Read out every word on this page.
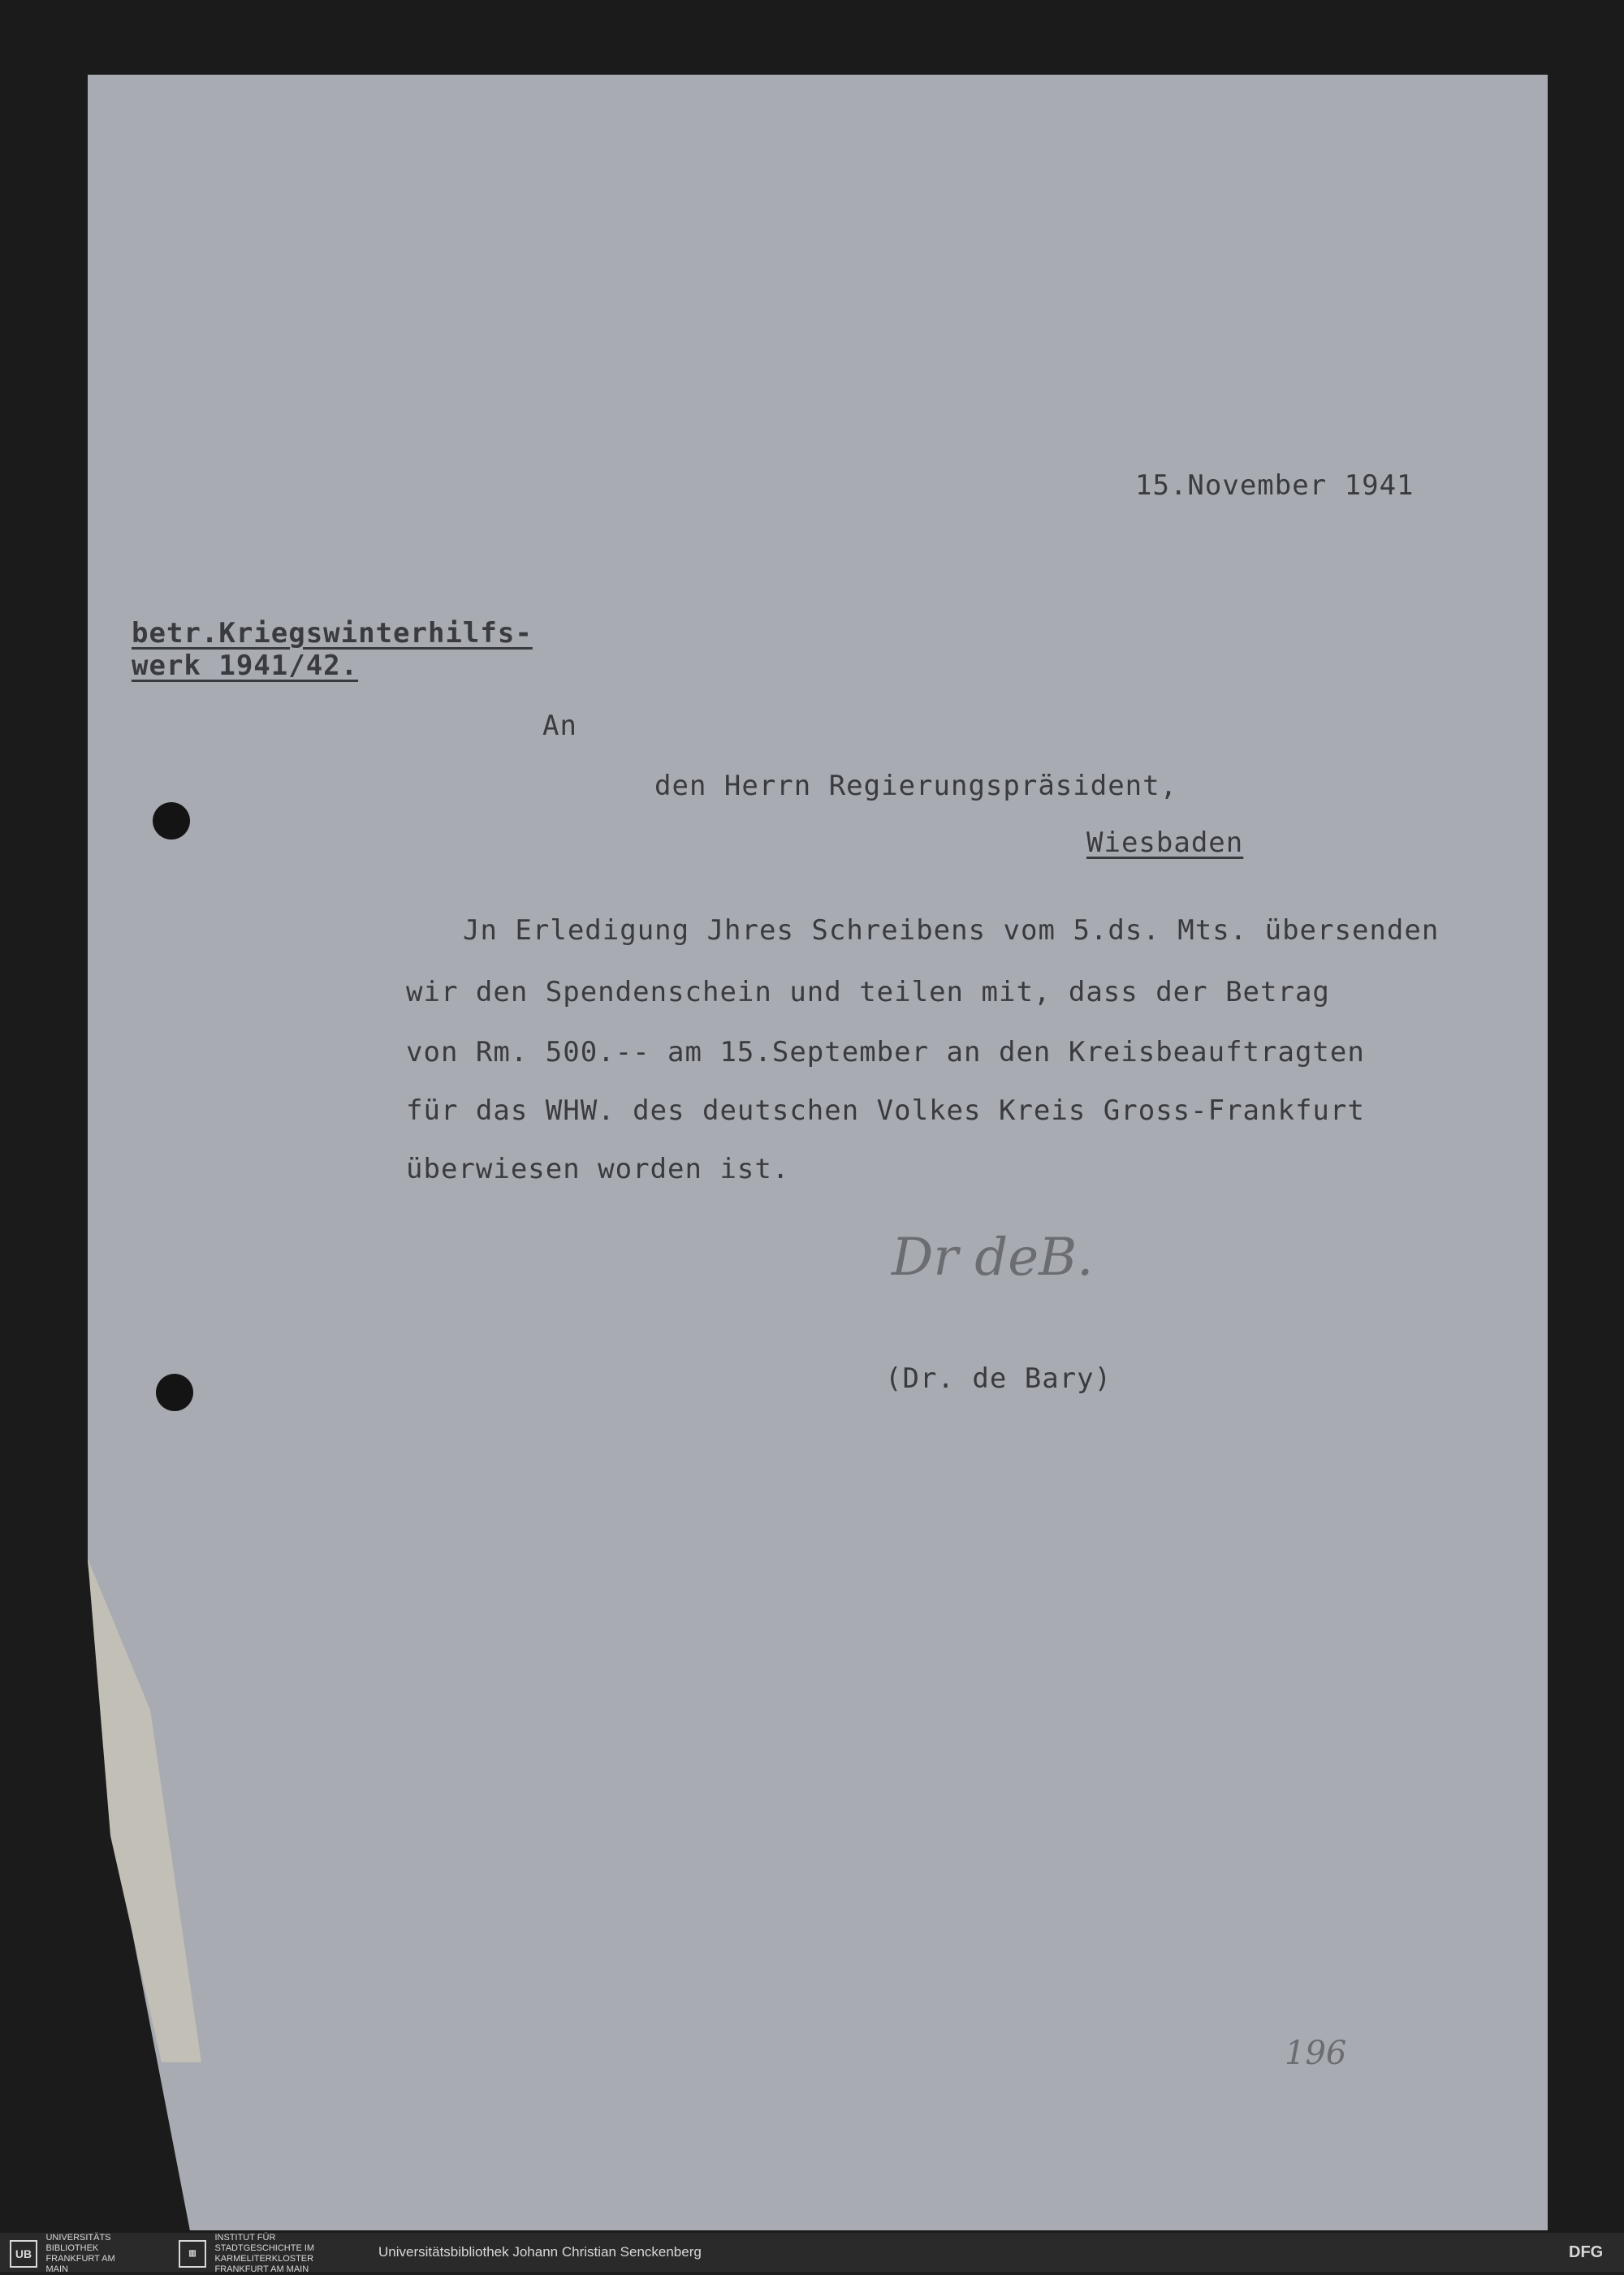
15.November 1941
betr.Kriegswinterhilfs-
werk 1941/42.
An
den Herrn Regierungspräsident,
Wiesbaden
Jn Erledigung Jhres Schreibens vom 5.ds. Mts. übersenden
wir den Spendenschein und teilen mit, dass der Betrag
von Rm. 500.-- am 15.September an den Kreisbeauftragten
für das WHW. des deutschen Volkes Kreis Gross-Frankfurt
überwiesen worden ist.
Dr deB.
(Dr. de Bary)
196
UB UNIVERSITÄTS BIBLIOTHEK FRANKFURT AM MAIN
▥ INSTITUT FÜR STADTGESCHICHTE IM KARMELITERKLOSTER FRANKFURT AM MAIN
Universitätsbibliothek Johann Christian Senckenberg	DFG
